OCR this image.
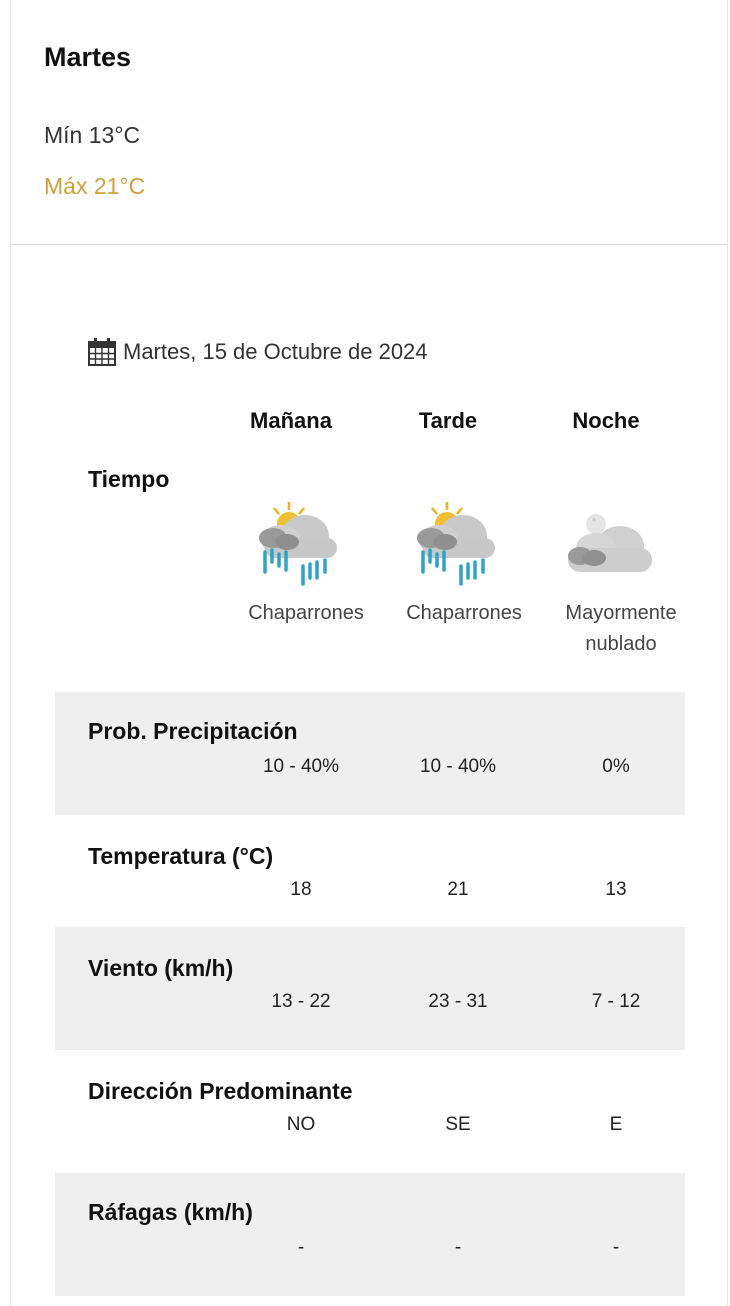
Martes
Mín 13°C
Máx 21°C
Martes, 15 de Octubre de 2024
Mañana	Tarde	Noche
Tiempo
*
Chaparrones	Chaparrones	Mayormente
nublado
Prob. Precipitación
10 - 40%	10 - 40%	0%
Temperatura (°C)
18	21	13
Viento (km/h)
13 - 22	23 - 31	7 - 12
Dirección Predominante
NO	SE	E
Ráfagas (km/h)
-	-	-
